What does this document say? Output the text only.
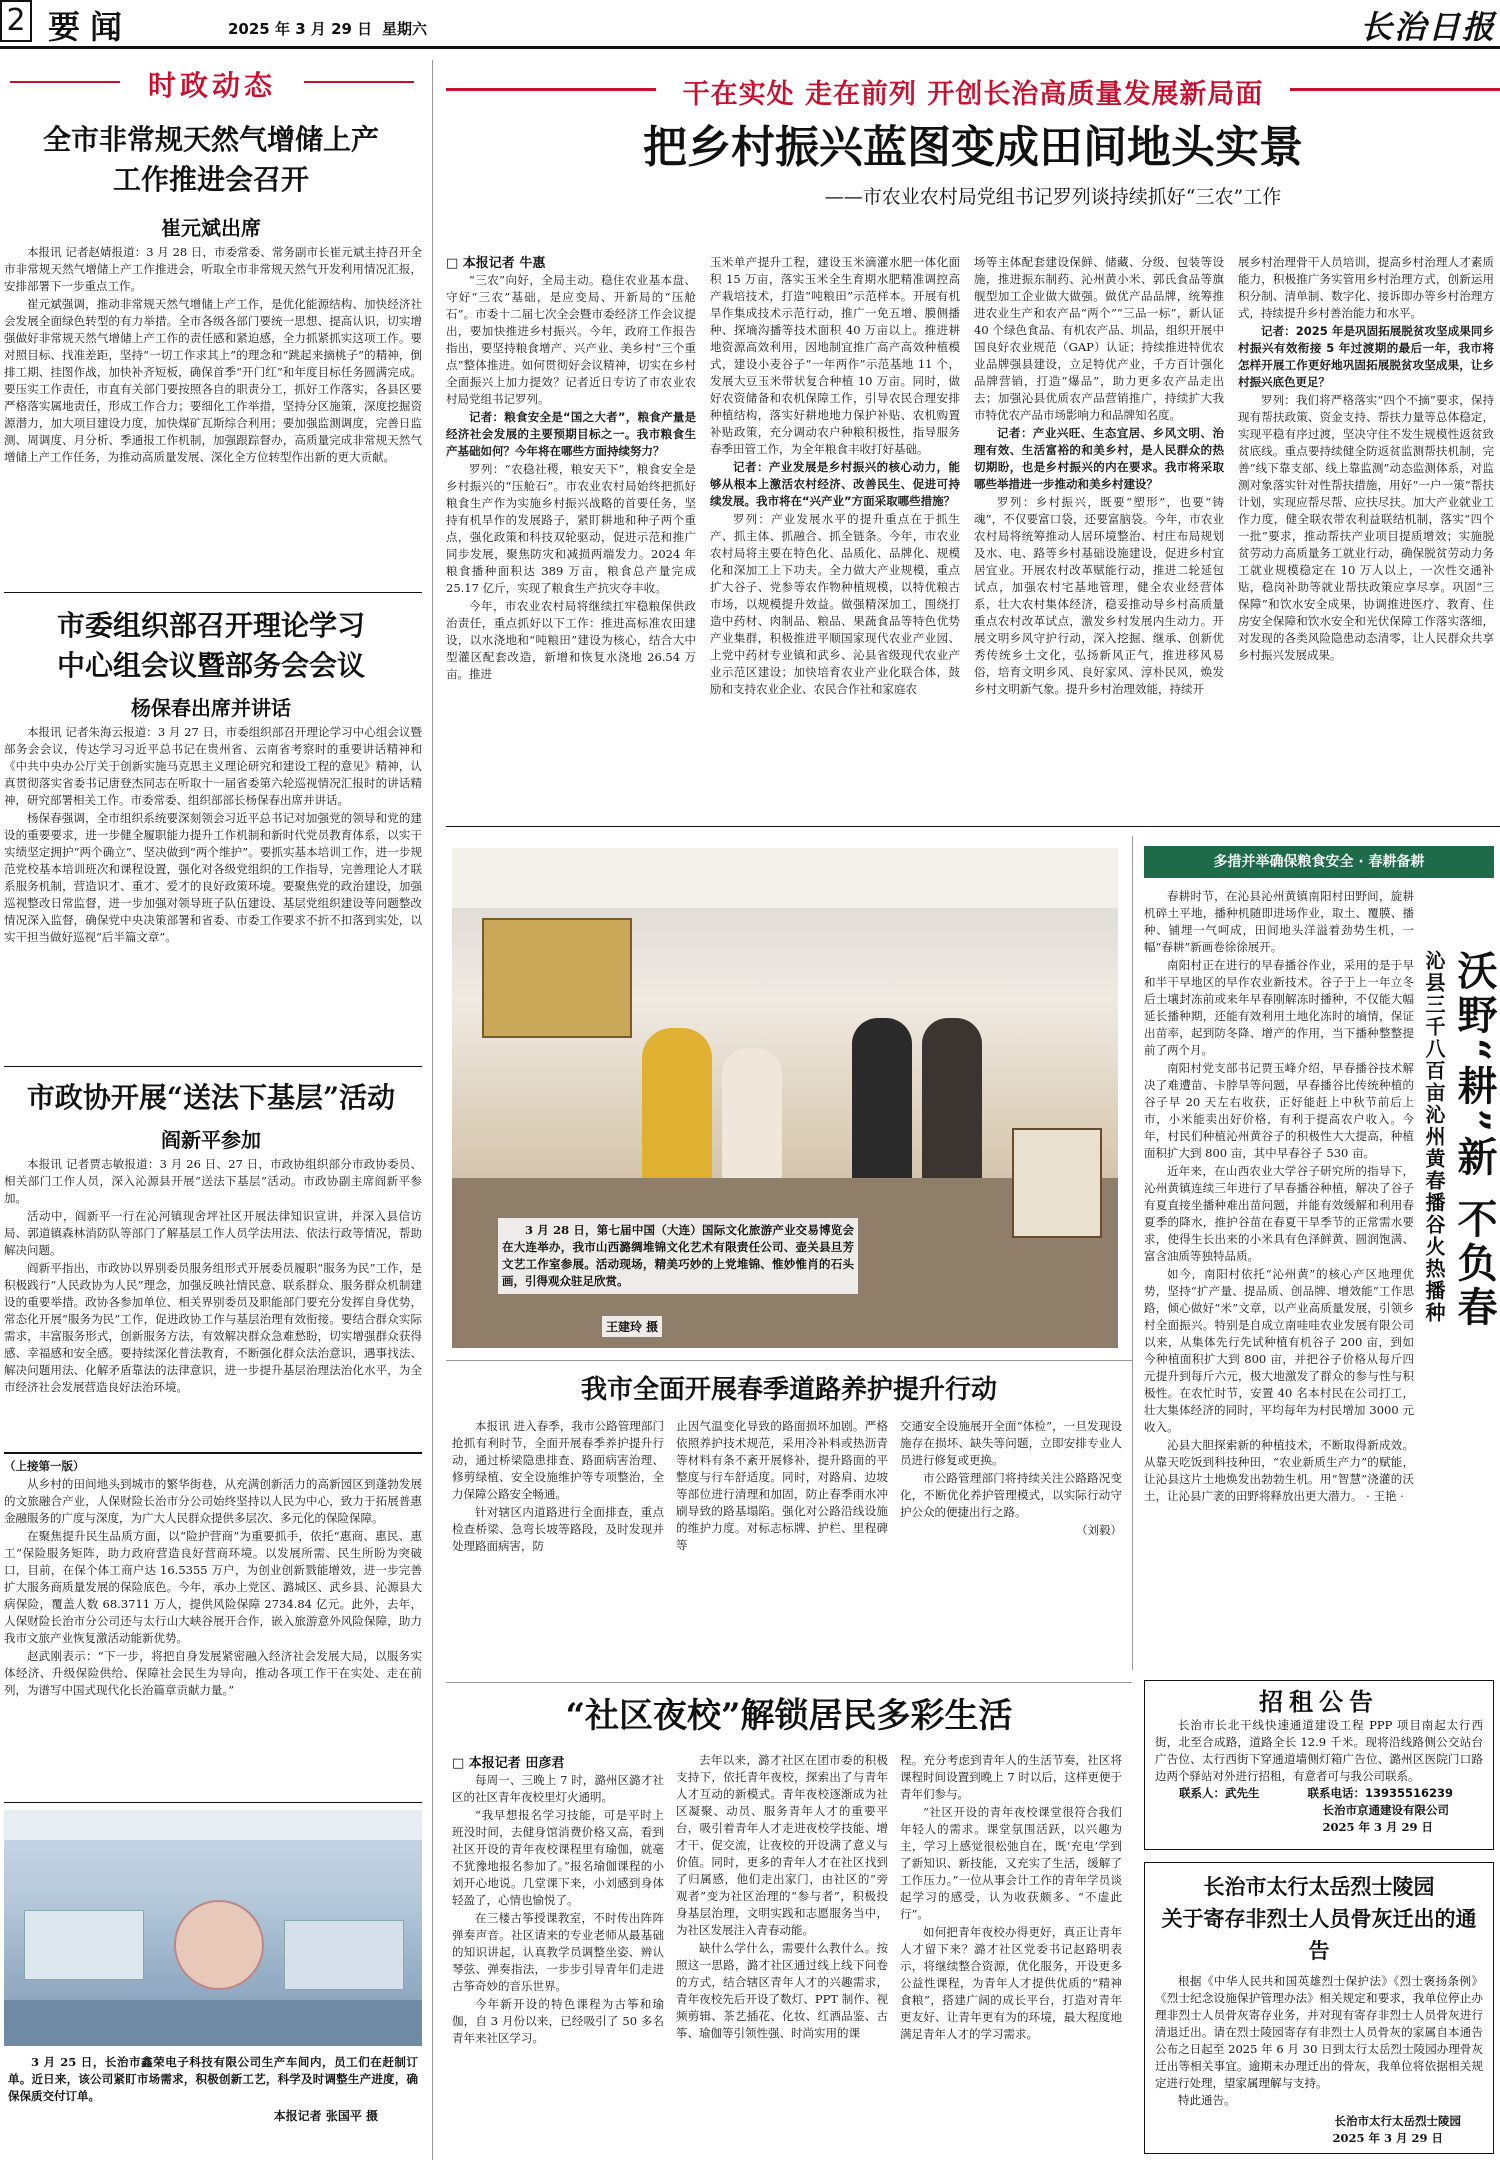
2 要闻	2025 年 3 月 29 日 星期六	长治日报
时政动态
全市非常规天然气增储上产
工作推进会召开
崔元斌出席

本报讯 记者赵婧报道：3 月 28 日，市委常委、常务副市长崔元斌主持召开全市非常规天然气增储上产工作推进会，听取全市非常规天然气开发利用情况汇报，安排部署下一步重点工作。

崔元斌强调，推动非常规天然气增储上产工作，是优化能源结构、加快经济社会发展全面绿色转型的有力举措。全市各级各部门要统一思想、提高认识，切实增强做好非常规天然气增储上产工作的责任感和紧迫感，全力抓紧抓实这项工作。要对照目标、找准差距，坚持“一切工作求其上”的理念和“跳起来摘桃子”的精神，倒排工期、挂图作战，加快补齐短板，确保首季“开门红”和年度目标任务圆满完成。要压实工作责任，市直有关部门要按照各自的职责分工，抓好工作落实，各县区要严格落实属地责任，形成工作合力；要细化工作举措，坚持分区施策，深度挖掘资源潜力，加大项目建设力度，加快煤矿瓦斯综合利用；要加强监测调度，完善日监测、周调度、月分析、季通报工作机制，加强跟踪督办，高质量完成非常规天然气增储上产工作任务，为推动高质量发展、深化全方位转型作出新的更大贡献。

市委组织部召开理论学习
中心组会议暨部务会会议
杨保春出席并讲话

本报讯 记者朱海云报道：3 月 27 日，市委组织部召开理论学习中心组会议暨部务会会议，传达学习习近平总书记在贵州省、云南省考察时的重要讲话精神和《中共中央办公厅关于创新实施马克思主义理论研究和建设工程的意见》精神，认真贯彻落实省委书记唐登杰同志在听取十一届省委第六轮巡视情况汇报时的讲话精神，研究部署相关工作。市委常委、组织部部长杨保春出席并讲话。

杨保春强调，全市组织系统要深刻领会习近平总书记对加强党的领导和党的建设的重要要求，进一步健全履职能力提升工作机制和新时代党员教育体系，以实干实绩坚定拥护“两个确立”、坚决做到“两个维护”。要抓实基本培训工作，进一步规范党校基本培训班次和课程设置，强化对各级党组织的工作指导，完善理论人才联系服务机制，营造识才、重才、爱才的良好政策环境。要聚焦党的政治建设，加强巡视整改日常监督，进一步加强对领导班子队伍建设、基层党组织建设等问题整改情况深入监督，确保党中央决策部署和省委、市委工作要求不折不扣落到实处，以实干担当做好巡视“后半篇文章”。

市政协开展“送法下基层”活动
阎新平参加

本报讯 记者贾志敏报道：3 月 26 日、27 日，市政协组织部分市政协委员、相关部门工作人员，深入沁源县开展“送法下基层”活动。市政协副主席阎新平参加。

活动中，阎新平一行在沁河镇现舍坪社区开展法律知识宣讲，并深入县信访局、郭道镇森林消防队等部门了解基层工作人员学法用法、依法行政等情况，帮助解决问题。

阎新平指出，市政协以界别委员服务组形式开展委员履职“服务为民”工作，是积极践行“人民政协为人民”理念，加强反映社情民意、联系群众、服务群众机制建设的重要举措。政协各参加单位、相关界别委员及职能部门要充分发挥自身优势，常态化开展“服务为民”工作，促进政协工作与基层治理有效衔接。要结合群众实际需求，丰富服务形式，创新服务方法，有效解决群众急难愁盼，切实增强群众获得感、幸福感和安全感。要持续深化普法教育，不断强化群众法治意识，遇事找法、解决问题用法、化解矛盾靠法的法律意识，进一步提升基层治理法治化水平，为全市经济社会发展营造良好法治环境。

（上接第一版）

从乡村的田间地头到城市的繁华街巷，从充满创新活力的高新园区到蓬勃发展的文旅融合产业，人保财险长治市分公司始终坚持以人民为中心，致力于拓展普惠金融服务的广度与深度，为广大人民群众提供多层次、多元化的保险保障。

在聚焦提升民生品质方面，以“险护营商”为重要抓手，依托“惠商、惠民、惠工”保险服务矩阵，助力政府营造良好营商环境。以发展所需、民生所盼为突破口，目前，在保个体工商户达 16.5355 万户，为创业创新戮能增效，进一步完善扩大服务商质量发展的保险底色。今年，承办上党区、潞城区、武乡县、沁源县大病保险，覆盖人数 68.3711 万人，提供风险保障 2734.84 亿元。此外，去年，人保财险长治市分公司还与太行山大峡谷展开合作，嵌入旅游意外风险保障，助力我市文旅产业恢复激活动能新优势。

赵武刚表示：“下一步，将把自身发展紧密融入经济社会发展大局，以服务实体经济、升级保险供给、保障社会民生为导向，推动各项工作干在实处、走在前列，为谱写中国式现代化长治篇章贡献力量。”

3 月 25 日，长治市鑫荣电子科技有限公司生产车间内，员工们在赶制订单。近日来，该公司紧盯市场需求，积极创新工艺，科学及时调整生产进度，确保保质交付订单。
本报记者 张国平 摄
干在实处 走在前列 开创长治高质量发展新局面
把乡村振兴蓝图变成田间地头实景
——市农业农村局党组书记罗列谈持续抓好“三农”工作
□ 本报记者 牛惠

“三农”向好，全局主动。稳住农业基本盘、守好“三农”基础，是应变局、开新局的“压舱石”。市委十二届七次全会暨市委经济工作会议提出，要加快推进乡村振兴。今年，政府工作报告指出，要坚持粮食增产、兴产业、美乡村“三个重点”整体推进。如何贯彻好会议精神，切实在乡村全面振兴上加力提效？记者近日专访了市农业农村局党组书记罗列。

记者：粮食安全是“国之大者”，粮食产量是经济社会发展的主要预期目标之一。我市粮食生产基础如何？今年将在哪些方面持续努力？

罗列：“农稳社稷，粮安天下”，粮食安全是乡村振兴的“压舱石”。市农业农村局始终把抓好粮食生产作为实施乡村振兴战略的首要任务，坚持有机旱作的发展路子，紧盯耕地和种子两个重点，强化政策和科技双轮驱动，促进示范和推广同步发展，聚焦防灾和减损两端发力。2024 年粮食播种面积达 389 万亩，粮食总产量完成 25.17 亿斤，实现了粮食生产抗灾夺丰收。

今年，市农业农村局将继续扛牢稳粮保供政治责任，重点抓好以下工作：推进高标准农田建设，以水浇地和“吨粮田”建设为核心，结合大中型灌区配套改造，新增和恢复水浇地 26.54 万亩。推进

玉米单产提升工程，建设玉米滴灌水肥一体化面积 15 万亩，落实玉米全生育期水肥精准调控高产栽培技术，打造“吨粮田”示范样本。开展有机旱作集成技术示范行动，推广一免五增、膜侧播种、探墒沟播等技术面积 40 万亩以上。推进耕地资源高效利用，因地制宜推广高产高效种植模式，建设小麦谷子“一年两作”示范基地 11 个，发展大豆玉米带状复合种植 10 万亩。同时，做好农资储备和农机保障工作，引导农民合理安排种植结构，落实好耕地地力保护补贴、农机购置补贴政策，充分调动农户种粮积极性，指导服务春季田管工作，为全年粮食丰收打好基础。

记者：产业发展是乡村振兴的核心动力，能够从根本上激活农村经济、改善民生、促进可持续发展。我市将在“兴产业”方面采取哪些措施？

罗列：产业发展水平的提升重点在于抓生产、抓主体、抓融合、抓全链条。今年，市农业农村局将主要在特色化、品质化、品牌化、规模化和深加工上下功夫。全力做大产业规模，重点扩大谷子、党参等农作物种植规模，以特优粮古市场，以规模提升效益。做强精深加工，围绕打造中药材、肉制品、粮品、果蔬食品等特色优势产业集群，积极推进平顺国家现代农业产业园、上党中药材专业镇和武乡、沁县省级现代农业产业示范区建设；加快培育农业产业化联合体，鼓励和支持农业企业、农民合作社和家庭农

场等主体配套建设保鲜、储藏、分级、包装等设施，推进振东制药、沁州黄小米、郭氏食品等旗舰型加工企业做大做强。做优产品品牌，统筹推进农业生产和农产品“两个”“三品一标”，新认证 40 个绿色食品、有机农产品、圳品，组织开展中国良好农业规范（GAP）认证；持续推进特优农业品牌强县建设，立足特优产业，千方百计强化品牌营销，打造“爆品”，助力更多农产品走出去；加强沁县优质农产品营销推广，持续扩大我市特优农产品市场影响力和品牌知名度。

记者：产业兴旺、生态宜居、乡风文明、治理有效、生活富裕的和美乡村，是人民群众的热切期盼，也是乡村振兴的内在要求。我市将采取哪些举措进一步推动和美乡村建设？

罗列：乡村振兴，既要“塑形”，也要“铸魂”，不仅要富口袋，还要富脑袋。今年，市农业农村局将统筹推动人居环境整治、村庄布局规划及水、电、路等乡村基础设施建设，促进乡村宜居宜业。开展农村改革赋能行动，推进二轮延包试点，加强农村宅基地管理，健全农业经营体系，壮大农村集体经济，稳妥推动导乡村高质量重点农村改革试点，激发乡村发展内生动力。开展文明乡风守护行动，深入挖掘、继承、创新优秀传统乡土文化，弘扬新风正气，推进移风易俗，培育文明乡风、良好家风、淳朴民风，焕发乡村文明新气象。提升乡村治理效能，持续开

展乡村治理骨干人员培训，提高乡村治理人才素质能力，积极推广务实管用乡村治理方式，创新运用积分制、清单制、数字化、接诉即办等乡村治理方式，持续提升乡村善治能力和水平。

记者：2025 年是巩固拓展脱贫攻坚成果同乡村振兴有效衔接 5 年过渡期的最后一年，我市将怎样开展工作更好地巩固拓展脱贫攻坚成果，让乡村振兴底色更足？

罗列：我们将严格落实“四个不摘”要求，保持现有帮扶政策、资金支持、帮扶力量等总体稳定，实现平稳有序过渡，坚决守住不发生规模性返贫致贫底线。重点要持续健全防返贫监测帮扶机制，完善“线下靠支部、线上靠监测”动态监测体系，对监测对象落实针对性帮扶措施，用好“一户一策”帮扶计划，实现应帮尽帮、应扶尽扶。加大产业就业工作力度，健全联农带农利益联结机制，落实“四个一批”要求，推动帮扶产业项目提质增效；实施脱贫劳动力高质量务工就业行动，确保脱贫劳动力务工就业规模稳定在 10 万人以上，一次性交通补贴，稳岗补助等就业帮扶政策应享尽享。巩固“三保障”和饮水安全成果，协调推进医疗、教育、住房安全保障和饮水安全和光伏保障工作落实落细，对发现的各类风险隐患动态清零，让人民群众共享乡村振兴发展成果。

3 月 28 日，第七届中国（大连）国际文化旅游产业交易博览会在大连举办，我市山西潞绸堆锦文化艺术有限责任公司、壶关县旦芳文艺工作室参展。活动现场，精美巧妙的上党堆锦、惟妙惟肖的石头画，引得观众驻足欣赏。
王建玲 摄
多措并举确保粮食安全 · 春耕备耕

春耕时节，在沁县沁州黄镇南阳村田野间，旋耕机碎土平地，播种机随即进场作业，取土、覆膜、播种、铺埋一气呵成，田间地头洋溢着劲势生机，一幅“春耕”新画卷徐徐展开。

南阳村正在进行的早春播谷作业，采用的是于早和半干早地区的早作农业新技术。谷子于上一年立冬后土壤封冻前或来年早春刚解冻时播种，不仅能大幅延长播种期，还能有效利用土地化冻时的墒情，保证出苗率，起到防冬降、增产的作用，当下播种整整提前了两个月。

南阳村党支部书记贾玉峰介绍，早春播谷技术解决了难遭苗、卡脖旱等问题，早春播谷比传统种植的谷子早 20 天左右收获，正好能赶上中秋节前后上市，小米能卖出好价格，有利于提高农户收入。今年，村民们种植沁州黄谷子的积极性大大提高，种植面积扩大到 800 亩，其中早春谷子 530 亩。

近年来，在山西农业大学谷子研究所的指导下，沁州黄镇连续三年进行了早春播谷种植，解决了谷子有夏直接坐播种难出苗问题，并能有效缓解和利用春夏季的降水，推护谷苗在春夏干旱季节的正常需水要求，使得生长出来的小米具有色泽鲜黄、圆润饱满、富含油质等独特品质。

如今，南阳村依托“沁州黄”的核心产区地理优势，坚持“扩产量、提品质、创品牌、增效能”工作思路，倾心做好“米”文章，以产业高质量发展，引领乡村全面振兴。特别是自成立南哇哇农业发展有限公司以来，从集体先行先试种植有机谷子 200 亩，到如今种植面积扩大到 800 亩，并把谷子价格从每斤四元提升到每斤六元，极大地激发了群众的参与性与积极性。在农忙时节，安置 40 名本村民在公司打工，壮大集体经济的同时，平均每年为村民增加 3000 元收入。

沁县大胆探索新的种植技术，不断取得新成效。从靠天吃饭到科技种田，“农业新质生产力”的赋能，让沁县这片土地焕发出勃勃生机。用“智慧”浇灌的沃土，让沁县广袤的田野将释放出更大潜力。 · 王艳 ·

沃野“耕”新 不负春
沁县三千八百亩沁州黄春播谷火热播种
我市全面开展春季道路养护提升行动

本报讯 进入春季，我市公路管理部门抢抓有利时节，全面开展春季养护提升行动，通过桥梁隐患排查、路面病害治理、修剪绿植、安全设施维护等专项整治，全力保障公路安全畅通。

针对辖区内道路进行全面排查，重点检查桥梁、急弯长坡等路段，及时发现并处理路面病害，防

止因气温变化导致的路面损坏加剧。严格依照养护技术规范，采用冷补料或热沥青等材料有条不紊开展修补，提升路面的平整度与行车舒适度。同时，对路肩、边坡等部位进行清理和加固，防止春季雨水冲刷导致的路基塌陷。强化对公路沿线设施的维护力度。对标志标牌、护栏、里程碑等

交通安全设施展开全面“体检”，一旦发现设施存在损坏、缺失等问题，立即安排专业人员进行修复或更换。

市公路管理部门将持续关注公路路况变化，不断优化养护管理模式，以实际行动守护公众的便捷出行之路。

（刘毅）

“社区夜校”解锁居民多彩生活
□ 本报记者 田彦君

每周一、三晚上 7 时，潞州区潞才社区的社区青年夜校里灯火通明。

“我早想报名学习技能，可是平时上班没时间，去健身馆消费价格又高，看到社区开设的青年夜校课程里有瑜伽，就毫不犹豫地报名参加了。”报名瑜伽课程的小刘开心地说。几堂课下来，小刘感到身体轻盈了，心情也愉悦了。

在三楼古筝授课教室，不时传出阵阵弹奏声音。社区请来的专业老师从最基础的知识讲起，认真教学员调整坐姿、辨认琴弦、弹奏指法，一步步引导青年们走进古筝奇妙的音乐世界。

今年新开设的特色课程为古筝和瑜伽，自 3 月份以来，已经吸引了 50 多名青年来社区学习。

去年以来，潞才社区在团市委的积极支持下，依托青年夜校，探索出了与青年人才互动的新模式。青年夜校逐渐成为社区凝聚、动员、服务青年人才的重要平台，吸引着青年人才走进夜校学技能、增才干、促交流，让夜校的开设满了意义与价值。同时，更多的青年人才在社区找到了归属感，他们走出家门，由社区的“旁观者”变为社区治理的“参与者”，积极投身基层治理，文明实践和志愿服务当中，为社区发展注入青春动能。

缺什么学什么，需要什么教什么。按照这一思路，潞才社区通过线上线下问卷的方式，结合辖区青年人才的兴趣需求，青年夜校先后开设了数灯、PPT 制作、视频剪辑、茶艺插花、化妆、红酒品鉴、古筝、瑜伽等引领性强、时尚实用的课

程。充分考虑到青年人的生活节奏，社区将课程时间设置到晚上 7 时以后，这样更便于青年们参与。

“社区开设的青年夜校课堂很符合我们年轻人的需求。课堂氛围活跃，以兴趣为主，学习上感觉很松弛自在，既‘充电’学到了新知识、新技能，又充实了生活，缓解了工作压力。”一位从事会计工作的青年学员谈起学习的感受，认为收获颇多、“不虚此行”。

如何把青年夜校办得更好，真正让青年人才留下来？潞才社区党委书记赵路明表示，将继续整合资源，优化服务，开设更多公益性课程，为青年人才提供优质的“精神食粮”，搭建广阔的成长平台，打造对青年更友好、让青年更有为的环境，最大程度地满足青年人才的学习需求。

招租公告
长治市长北干线快速通道建设工程 PPP 项目南起太行西街，北至合成路，道路全长 12.9 千米。现将沿线路侧公交站台广告位、太行西街下穿通道墙侧灯箱广告位、潞州区医院门口路边两个驿站对外进行招租，有意者可与我公司联系。
联系人：武先生	联系电话：13935516239
长治市京通建设有限公司
2025 年 3 月 29 日
长治市太行太岳烈士陵园
关于寄存非烈士人员骨灰迁出的通告
根据《中华人民共和国英雄烈士保护法》《烈士褒扬条例》《烈士纪念设施保护管理办法》相关规定和要求，我单位停止办理非烈士人员骨灰寄存业务，并对现有寄存非烈士人员骨灰进行清退迁出。请在烈士陵园寄存有非烈士人员骨灰的家属自本通告公布之日起至 2025 年 6 月 30 日到太行太岳烈士陵园办理骨灰迁出等相关事宜。逾期未办理迁出的骨灰，我单位将依据相关规定进行处理，望家属理解与支持。
特此通告。
长治市太行太岳烈士陵园
2025 年 3 月 29 日
